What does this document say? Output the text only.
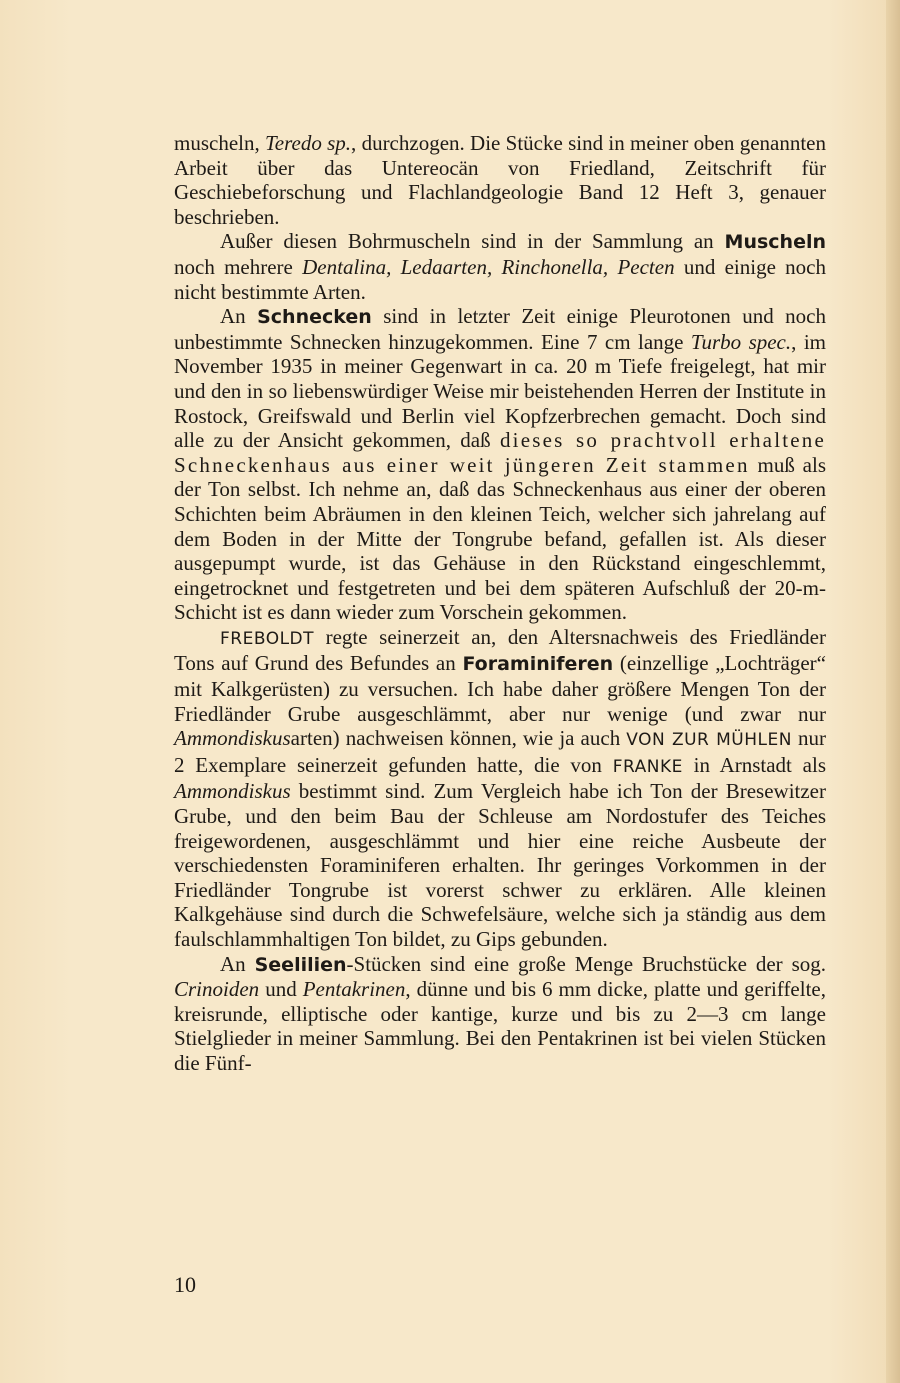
muscheln, Teredo sp., durchzogen. Die Stücke sind in meiner oben genannten Arbeit über das Untereocän von Friedland, Zeitschrift für Geschiebeforschung und Flachlandgeologie Band 12 Heft 3, genauer beschrieben.

Außer diesen Bohrmuscheln sind in der Sammlung an Muscheln noch mehrere Dentalina, Ledaarten, Rinchonella, Pecten und einige noch nicht bestimmte Arten.

An Schnecken sind in letzter Zeit einige Pleurotonen und noch unbestimmte Schnecken hinzugekommen. Eine 7 cm lange Turbo spec., im November 1935 in meiner Gegenwart in ca. 20 m Tiefe freigelegt, hat mir und den in so liebenswürdiger Weise mir beistehenden Herren der Institute in Rostock, Greifswald und Berlin viel Kopfzerbrechen gemacht. Doch sind alle zu der Ansicht gekommen, daß dieses so prachtvoll erhaltene Schneckenhaus aus einer weit jüngeren Zeit stammen muß als der Ton selbst. Ich nehme an, daß das Schneckenhaus aus einer der oberen Schichten beim Abräumen in den kleinen Teich, welcher sich jahrelang auf dem Boden in der Mitte der Tongrube befand, gefallen ist. Als dieser ausgepumpt wurde, ist das Gehäuse in den Rückstand eingeschlemmt, eingetrocknet und festgetreten und bei dem späteren Aufschluß der 20-m-Schicht ist es dann wieder zum Vorschein gekommen.

FREBOLDT regte seinerzeit an, den Altersnachweis des Friedländer Tons auf Grund des Befundes an Foraminiferen (einzellige „Lochträger“ mit Kalkgerüsten) zu versuchen. Ich habe daher größere Mengen Ton der Friedländer Grube ausgeschlämmt, aber nur wenige (und zwar nur Ammondiskusarten) nachweisen können, wie ja auch VON ZUR MÜHLEN nur 2 Exemplare seinerzeit gefunden hatte, die von FRANKE in Arnstadt als Ammondiskus bestimmt sind. Zum Vergleich habe ich Ton der Bresewitzer Grube, und den beim Bau der Schleuse am Nordostufer des Teiches freigewordenen, ausgeschlämmt und hier eine reiche Ausbeute der verschiedensten Foraminiferen erhalten. Ihr geringes Vorkommen in der Friedländer Tongrube ist vorerst schwer zu erklären. Alle kleinen Kalkgehäuse sind durch die Schwefelsäure, welche sich ja ständig aus dem faulschlammhaltigen Ton bildet, zu Gips gebunden.

An Seelilien-Stücken sind eine große Menge Bruchstücke der sog. Crinoiden und Pentakrinen, dünne und bis 6 mm dicke, platte und geriffelte, kreisrunde, elliptische oder kantige, kurze und bis zu 2—3 cm lange Stielglieder in meiner Sammlung. Bei den Pentakrinen ist bei vielen Stücken die Fünf-

10
